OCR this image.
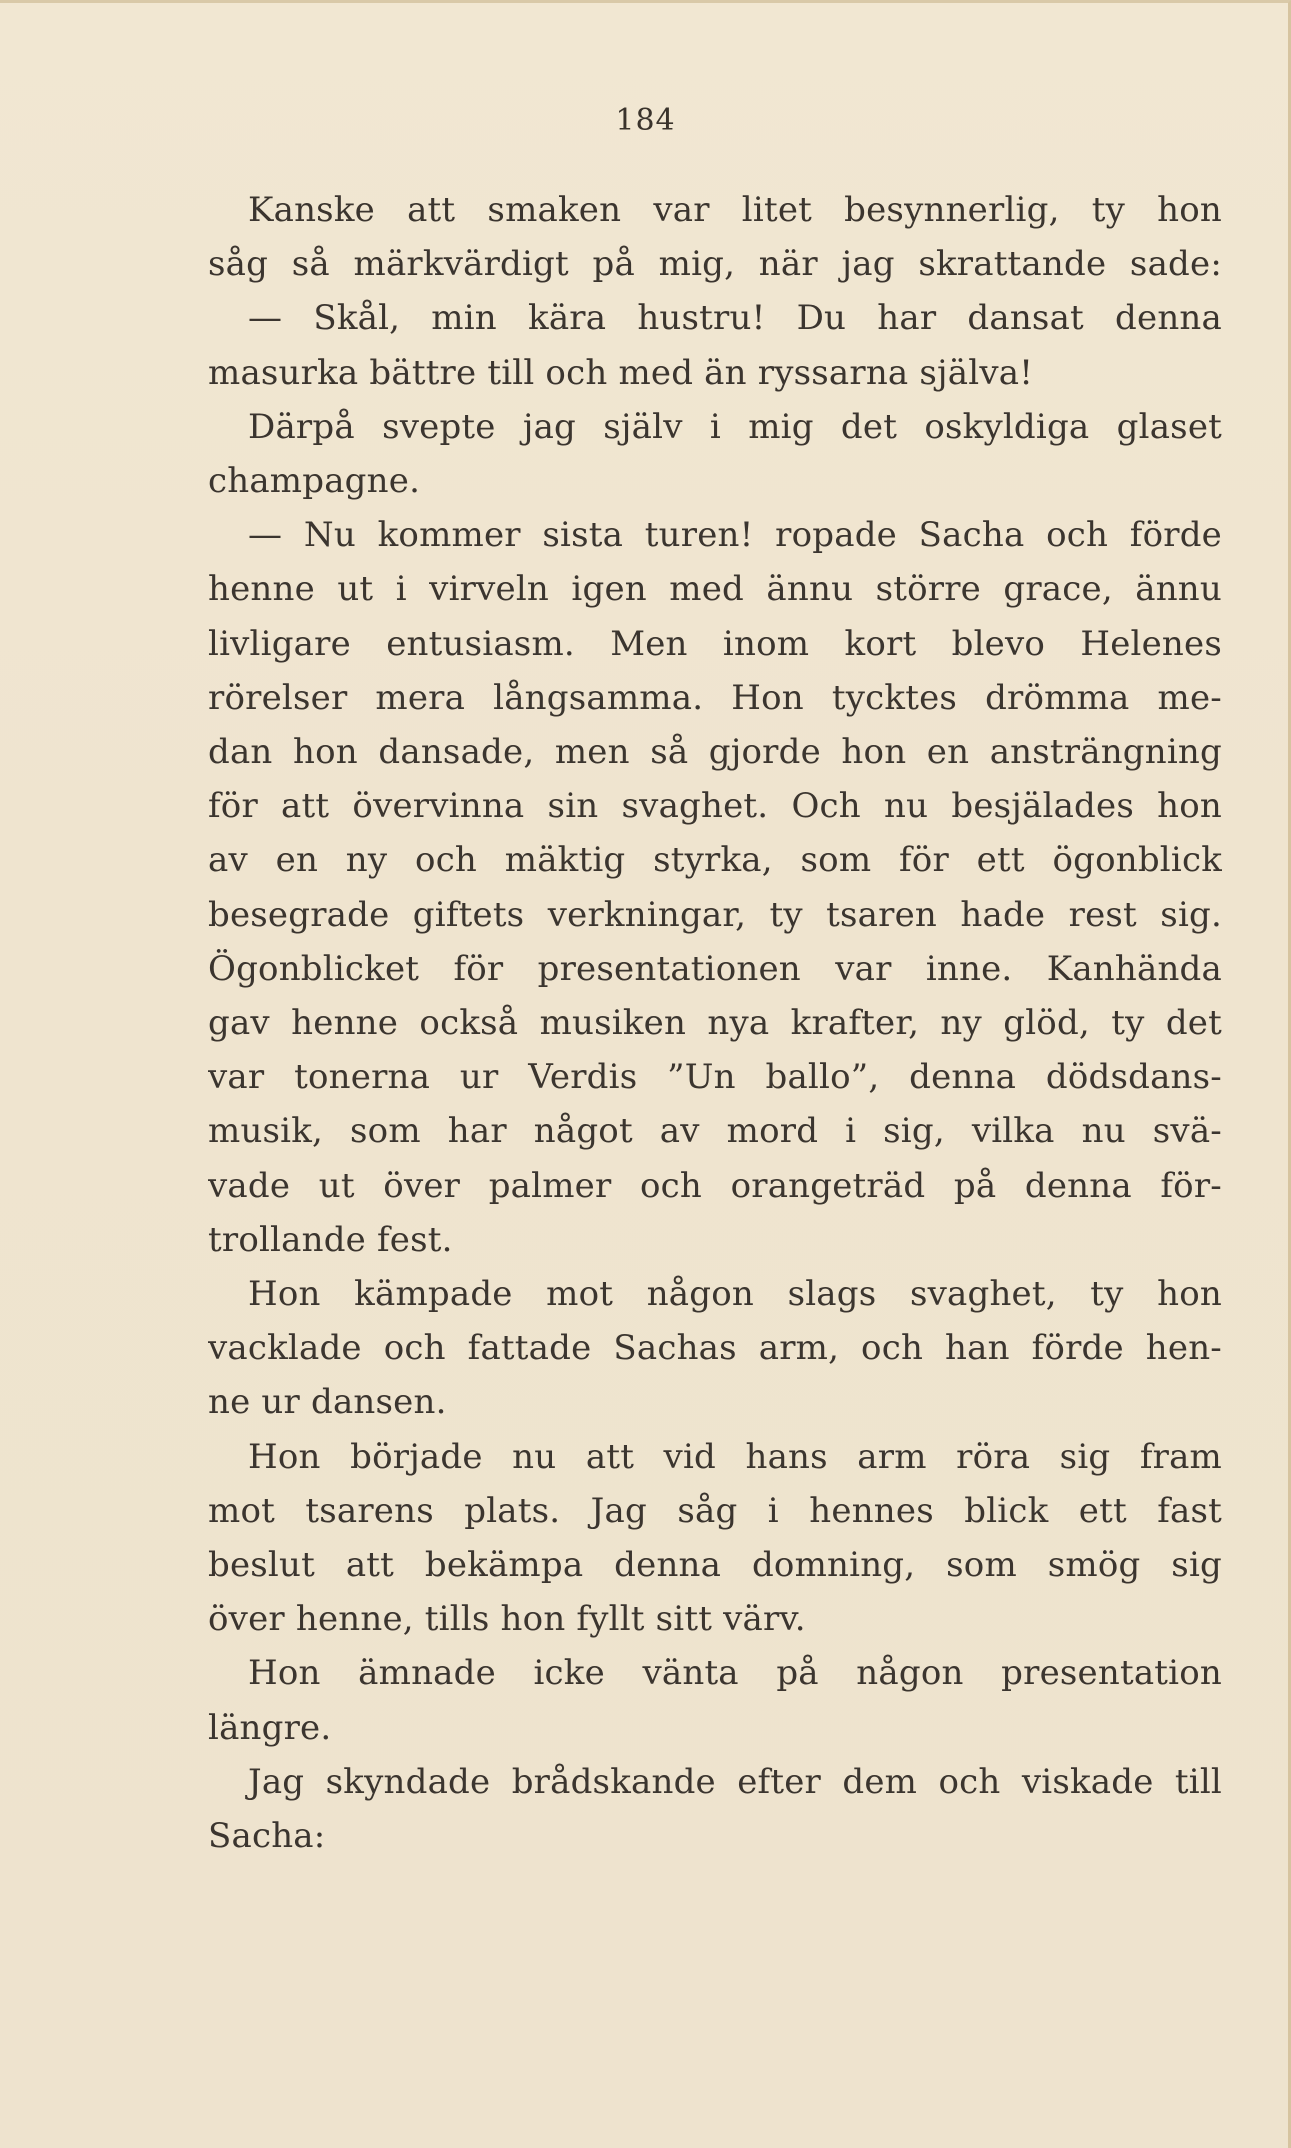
184
Kanske att smaken var litet besynnerlig, ty hon
såg så märkvärdigt på mig, när jag skrattande sade:
— Skål, min kära hustru! Du har dansat denna
masurka bättre till och med än ryssarna själva!
Därpå svepte jag själv i mig det oskyldiga glaset
champagne.
— Nu kommer sista turen! ropade Sacha och förde
henne ut i virveln igen med ännu större grace, ännu
livligare entusiasm. Men inom kort blevo Helenes
rörelser mera långsamma. Hon tycktes drömma me-
dan hon dansade, men så gjorde hon en ansträngning
för att övervinna sin svaghet. Och nu besjälades hon
av en ny och mäktig styrka, som för ett ögonblick
besegrade giftets verkningar, ty tsaren hade rest sig.
Ögonblicket för presentationen var inne. Kanhända
gav henne också musiken nya krafter, ny glöd, ty det
var tonerna ur Verdis ”Un ballo”, denna dödsdans-
musik, som har något av mord i sig, vilka nu svä-
vade ut över palmer och orangeträd på denna för-
trollande fest.
Hon kämpade mot någon slags svaghet, ty hon
vacklade och fattade Sachas arm, och han förde hen-
ne ur dansen.
Hon började nu att vid hans arm röra sig fram
mot tsarens plats. Jag såg i hennes blick ett fast
beslut att bekämpa denna domning, som smög sig
över henne, tills hon fyllt sitt värv.
Hon ämnade icke vänta på någon presentation
längre.
Jag skyndade brådskande efter dem och viskade till
Sacha:
